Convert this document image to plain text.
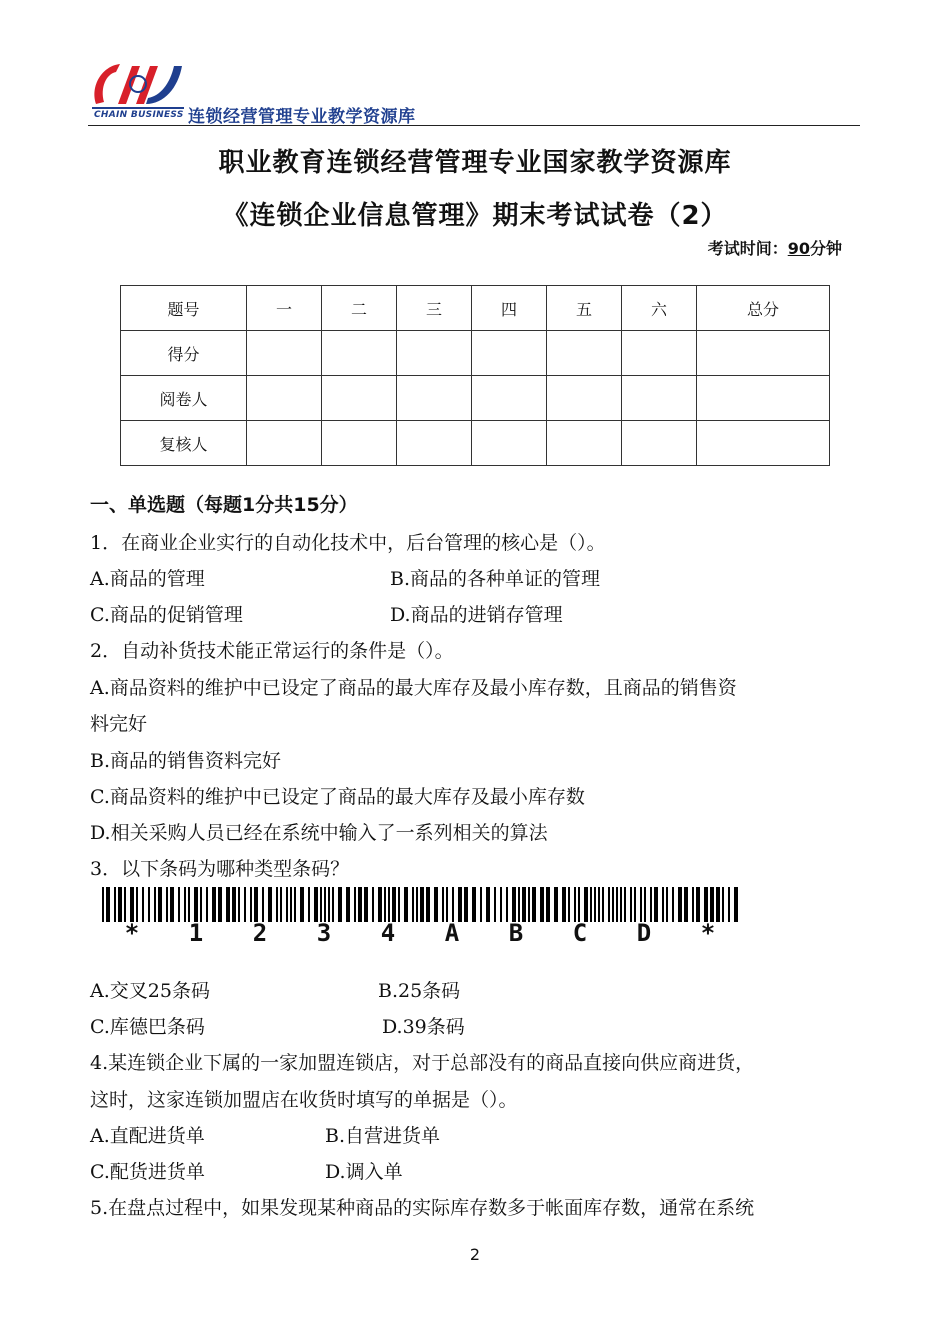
CHAIN BUSINESS 连锁经营管理专业教学资源库
职业教育连锁经营管理专业国家教学资源库
《连锁企业信息管理》期末考试试卷（2）
考试时间：90分钟
题号	一	二	三	四	五	六	总分
得分							
阅卷人							
复核人							
一、单选题（每题1分共15分）
1．在商业企业实行的自动化技术中，后台管理的核心是（）。
A.商品的管理	B.商品的各种单证的管理
C.商品的促销管理	D.商品的进销存管理
2．自动补货技术能正常运行的条件是（）。
A.商品资料的维护中已设定了商品的最大库存及最小库存数，且商品的销售资
料完好
B.商品的销售资料完好
C.商品资料的维护中已设定了商品的最大库存及最小库存数
D.相关采购人员已经在系统中输入了一系列相关的算法
3．以下条码为哪种类型条码？
* 1 2 3 4 A B C D *
A.交叉25条码	B.25条码
C.库德巴条码	D.39条码
4.某连锁企业下属的一家加盟连锁店，对于总部没有的商品直接向供应商进货，
这时，这家连锁加盟店在收货时填写的单据是（）。
A.直配进货单	B.自营进货单
C.配货进货单	D.调入单
5.在盘点过程中，如果发现某种商品的实际库存数多于帐面库存数，通常在系统
2
